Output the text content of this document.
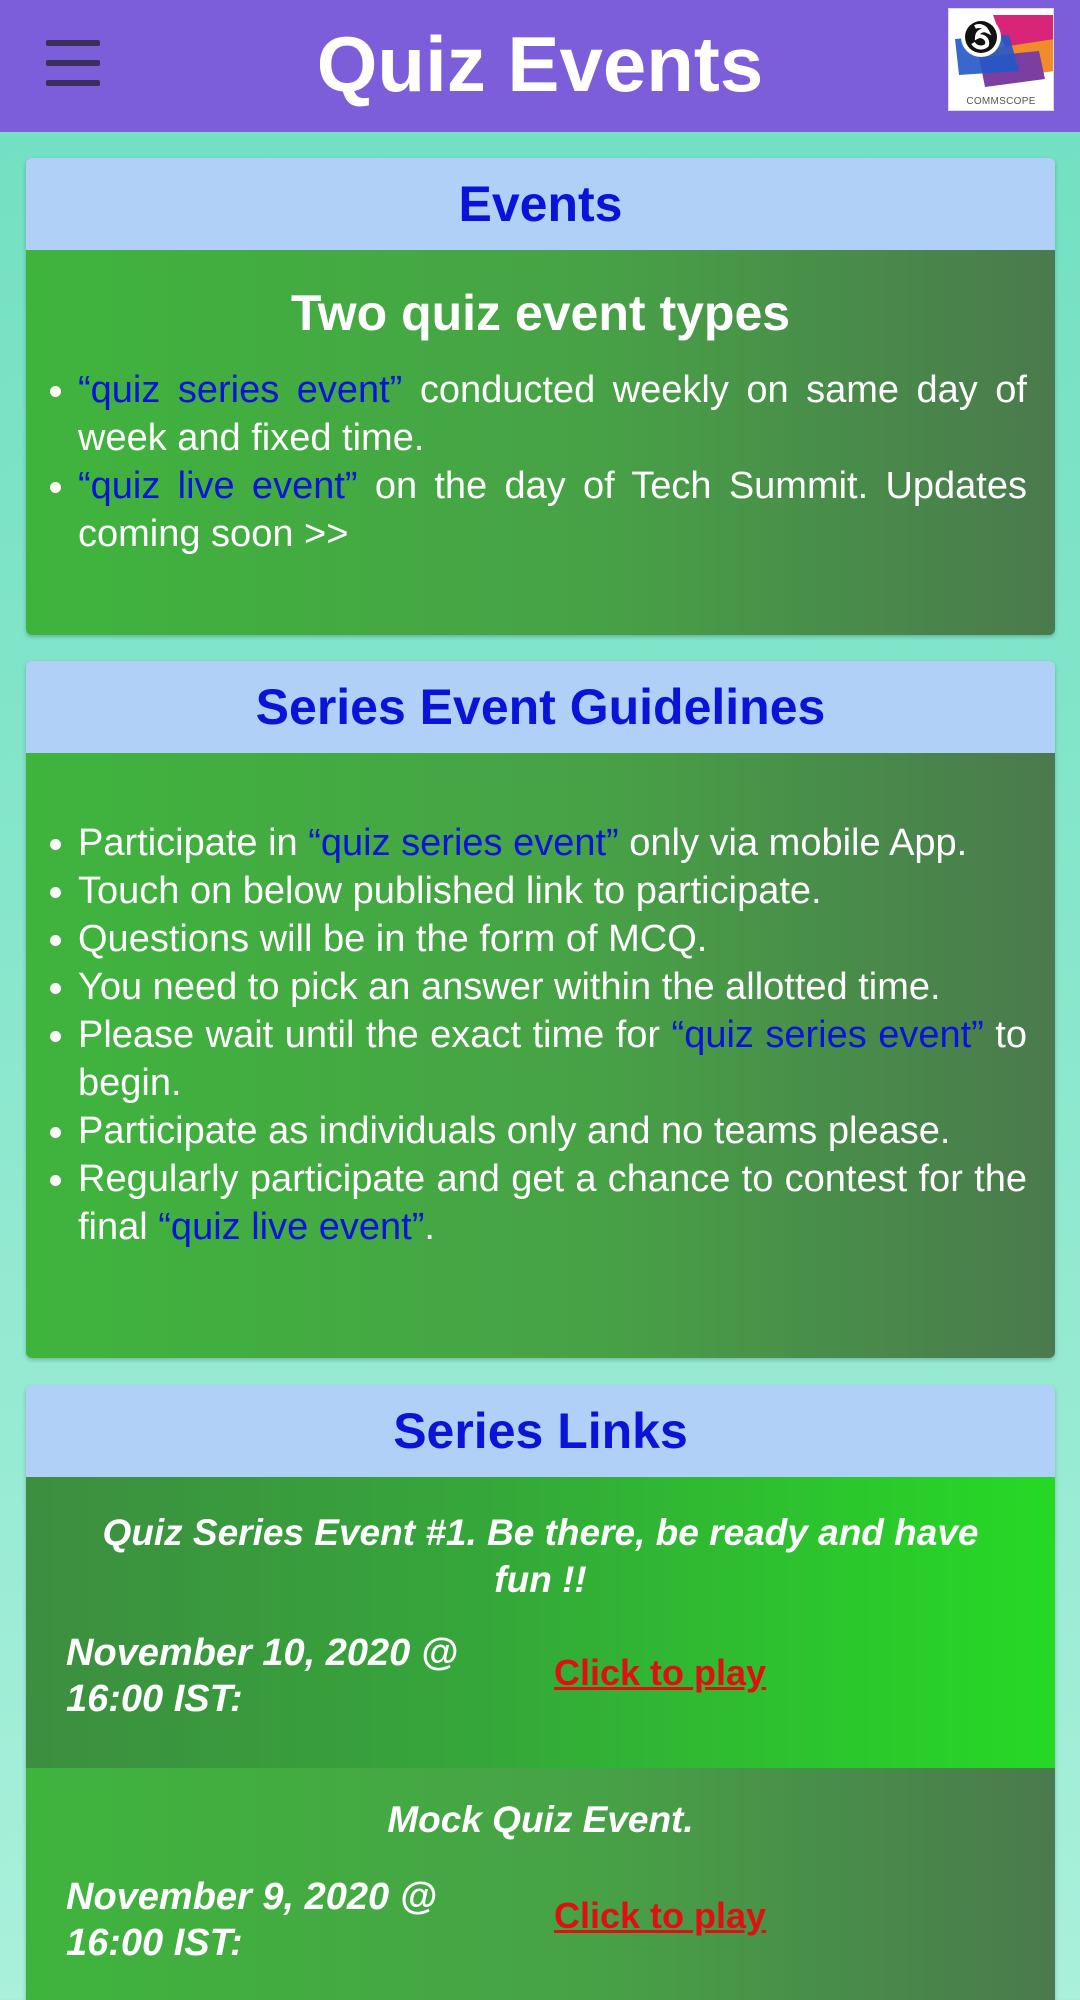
Quiz Events	COMMSCOPE
Events
Two quiz event types
“quiz series event” conducted weekly on same day of week and fixed time.
“quiz live event” on the day of Tech Summit. Updates coming soon >>
Series Event Guidelines
Participate in “quiz series event” only via mobile App.
Touch on below published link to participate.
Questions will be in the form of MCQ.
You need to pick an answer within the allotted time.
Please wait until the exact time for “quiz series event” to begin.
Participate as individuals only and no teams please.
Regularly participate and get a chance to contest for the final “quiz live event”.
Series Links
Quiz Series Event #1. Be there, be ready and have fun !!
November 10, 2020 @ 16:00 IST:
Click to play
Mock Quiz Event.
November 9, 2020 @ 16:00 IST:
Click to play
